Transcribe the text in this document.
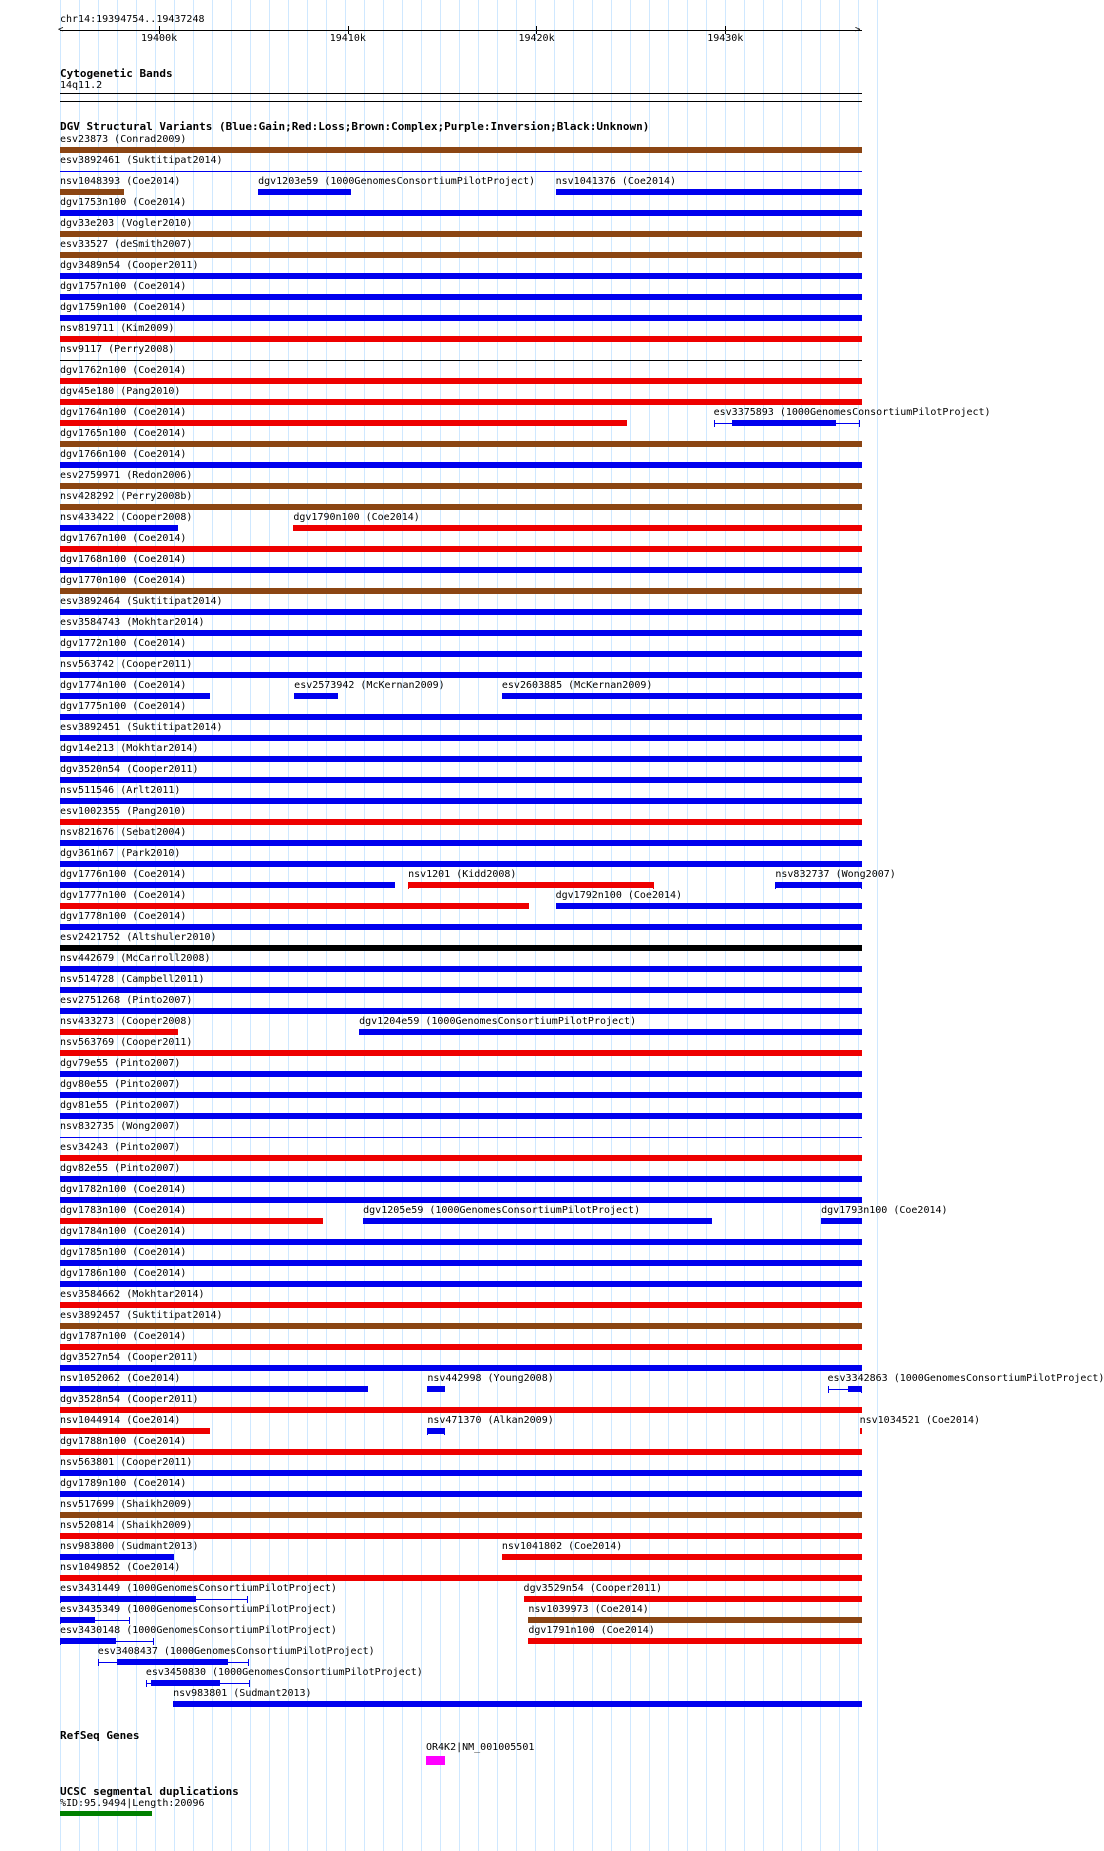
chr14:19394754..19437248
<	>
19400k	19410k	19420k	19430k
Cytogenetic Bands
14q11.2
DGV Structural Variants (Blue:Gain;Red:Loss;Brown:Complex;Purple:Inversion;Black:Unknown)
esv23873 (Conrad2009)
esv3892461 (Suktitipat2014)
nsv1048393 (Coe2014)	dgv1203e59 (1000GenomesConsortiumPilotProject) nsv1041376 (Coe2014)
dgv1753n100 (Coe2014)
dgv33e203 (Vogler2010)
esv33527 (deSmith2007)
dgv3489n54 (Cooper2011)
dgv1757n100 (Coe2014)
dgv1759n100 (Coe2014)
nsv819711 (Kim2009)
nsv9117 (Perry2008)
dgv1762n100 (Coe2014)
dgv45e180 (Pang2010)
dgv1764n100 (Coe2014)	esv3375893 (1000GenomesConsortiumPilotProject)
dgv1765n100 (Coe2014)
dgv1766n100 (Coe2014)
esv2759971 (Redon2006)
nsv428292 (Perry2008b)
nsv433422 (Cooper2008)	dgv1790n100 (Coe2014)
dgv1767n100 (Coe2014)
dgv1768n100 (Coe2014)
dgv1770n100 (Coe2014)
esv3892464 (Suktitipat2014)
esv3584743 (Mokhtar2014)
dgv1772n100 (Coe2014)
nsv563742 (Cooper2011)
dgv1774n100 (Coe2014)	esv2573942 (McKernan2009)	esv2603885 (McKernan2009)
dgv1775n100 (Coe2014)
esv3892451 (Suktitipat2014)
dgv14e213 (Mokhtar2014)
dgv3520n54 (Cooper2011)
nsv511546 (Arlt2011)
esv1002355 (Pang2010)
nsv821676 (Sebat2004)
dgv361n67 (Park2010)
dgv1776n100 (Coe2014)	nsv1201 (Kidd2008)	nsv832737 (Wong2007)
dgv1777n100 (Coe2014)	dgv1792n100 (Coe2014)
dgv1778n100 (Coe2014)
esv2421752 (Altshuler2010)
nsv442679 (McCarroll2008)
nsv514728 (Campbell2011)
esv2751268 (Pinto2007)
nsv433273 (Cooper2008)	dgv1204e59 (1000GenomesConsortiumPilotProject)
nsv563769 (Cooper2011)
dgv79e55 (Pinto2007)
dgv80e55 (Pinto2007)
dgv81e55 (Pinto2007)
nsv832735 (Wong2007)
esv34243 (Pinto2007)
dgv82e55 (Pinto2007)
dgv1782n100 (Coe2014)
dgv1783n100 (Coe2014)	dgv1205e59 (1000GenomesConsortiumPilotProject)	dgv1793n100 (Coe2014)
dgv1784n100 (Coe2014)
dgv1785n100 (Coe2014)
dgv1786n100 (Coe2014)
esv3584662 (Mokhtar2014)
esv3892457 (Suktitipat2014)
dgv1787n100 (Coe2014)
dgv3527n54 (Cooper2011)
nsv1052062 (Coe2014)	nsv442998 (Young2008)	esv3342863 (1000GenomesConsortiumPilotProject)
dgv3528n54 (Cooper2011)
nsv1044914 (Coe2014)	nsv471370 (Alkan2009)	nsv1034521 (Coe2014)
dgv1788n100 (Coe2014)
nsv563801 (Cooper2011)
dgv1789n100 (Coe2014)
nsv517699 (Shaikh2009)
nsv520814 (Shaikh2009)
nsv983800 (Sudmant2013)	nsv1041802 (Coe2014)
nsv1049852 (Coe2014)
esv3431449 (1000GenomesConsortiumPilotProject)	dgv3529n54 (Cooper2011)
esv3435349 (1000GenomesConsortiumPilotProject)	nsv1039973 (Coe2014)
esv3430148 (1000GenomesConsortiumPilotProject)	dgv1791n100 (Coe2014)
esv3408437 (1000GenomesConsortiumPilotProject)
esv3450830 (1000GenomesConsortiumPilotProject)
nsv983801 (Sudmant2013)
RefSeq Genes
OR4K2|NM_001005501
UCSC segmental duplications
%ID:95.9494|Length:20096
